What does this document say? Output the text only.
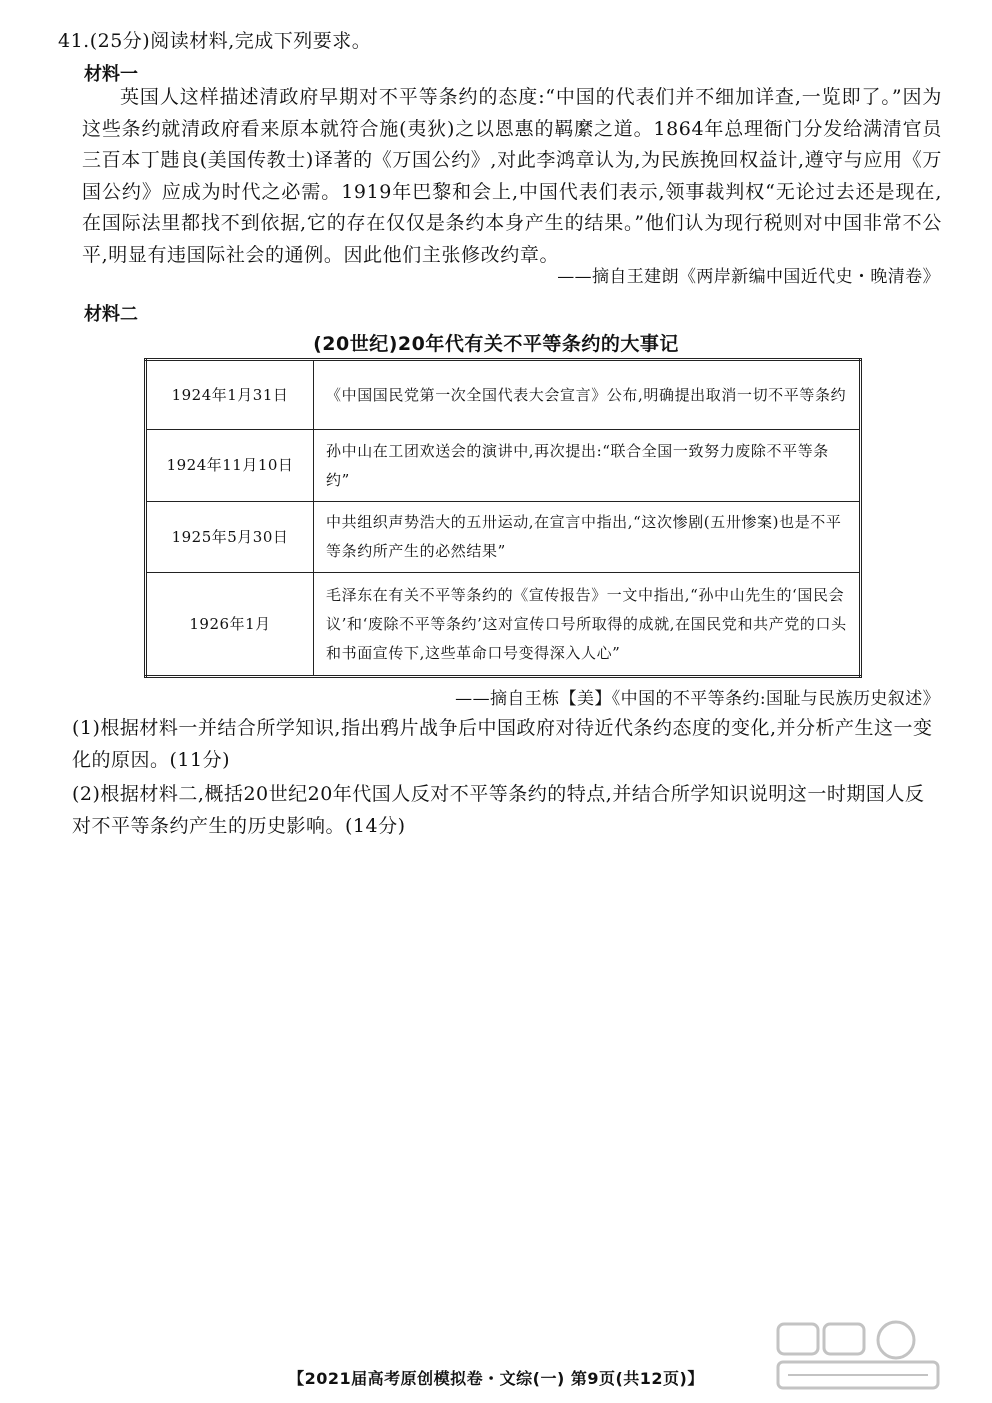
41.(25分)阅读材料,完成下列要求。
材料一
英国人这样描述清政府早期对不平等条约的态度:“中国的代表们并不细加详查,一览即了。”因为这些条约就清政府看来原本就符合施(夷狄)之以恩惠的羁縻之道。1864年总理衙门分发给满清官员三百本丁韪良(美国传教士)译著的《万国公约》,对此李鸿章认为,为民族挽回权益计,遵守与应用《万国公约》应成为时代之必需。1919年巴黎和会上,中国代表们表示,领事裁判权“无论过去还是现在,在国际法里都找不到依据,它的存在仅仅是条约本身产生的结果。”他们认为现行税则对中国非常不公平,明显有违国际社会的通例。因此他们主张修改约章。
——摘自王建朗《两岸新编中国近代史・晚清卷》
材料二
(20世纪)20年代有关不平等条约的大事记
1924年1月31日	《中国国民党第一次全国代表大会宣言》公布,明确提出取消一切不平等条约
1924年11月10日	孙中山在工团欢送会的演讲中,再次提出:“联合全国一致努力废除不平等条约”
1925年5月30日	中共组织声势浩大的五卅运动,在宣言中指出,“这次惨剧(五卅惨案)也是不平等条约所产生的必然结果”
1926年1月	毛泽东在有关不平等条约的《宣传报告》一文中指出,“孙中山先生的‘国民会议’和‘废除不平等条约’这对宣传口号所取得的成就,在国民党和共产党的口头和书面宣传下,这些革命口号变得深入人心”
——摘自王栋【美】《中国的不平等条约:国耻与民族历史叙述》
(1)根据材料一并结合所学知识,指出鸦片战争后中国政府对待近代条约态度的变化,并分析产生这一变化的原因。(11分)
(2)根据材料二,概括20世纪20年代国人反对不平等条约的特点,并结合所学知识说明这一时期国人反对不平等条约产生的历史影响。(14分)
【2021届高考原创模拟卷・文综(一) 第9页(共12页)】
